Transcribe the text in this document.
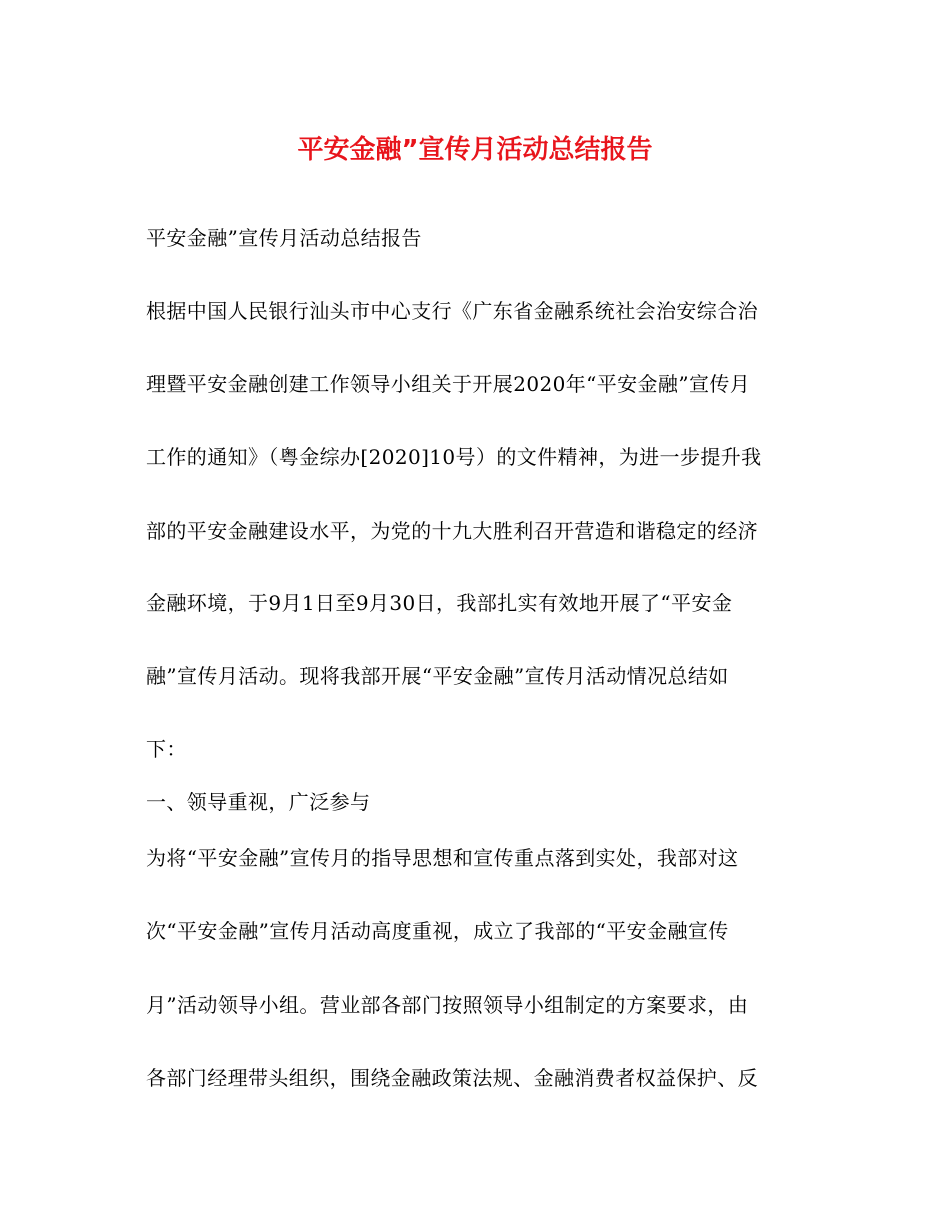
平安金融”宣传月活动总结报告
平安金融”宣传月活动总结报告
根据中国人民银行汕头市中心支行《广东省金融系统社会治安综合治
理暨平安金融创建工作领导小组关于开展2020年“平安金融”宣传月
工作的通知》（粤金综办[2020]10号）的文件精神，为进一步提升我
部的平安金融建设水平，为党的十九大胜利召开营造和谐稳定的经济
金融环境，于9月1日至9月30日，我部扎实有效地开展了“平安金
融”宣传月活动。现将我部开展“平安金融”宣传月活动情况总结如
下：
一、领导重视，广泛参与
为将“平安金融”宣传月的指导思想和宣传重点落到实处，我部对这
次“平安金融”宣传月活动高度重视，成立了我部的“平安金融宣传
月”活动领导小组。营业部各部门按照领导小组制定的方案要求，由
各部门经理带头组织，围绕金融政策法规、金融消费者权益保护、反
